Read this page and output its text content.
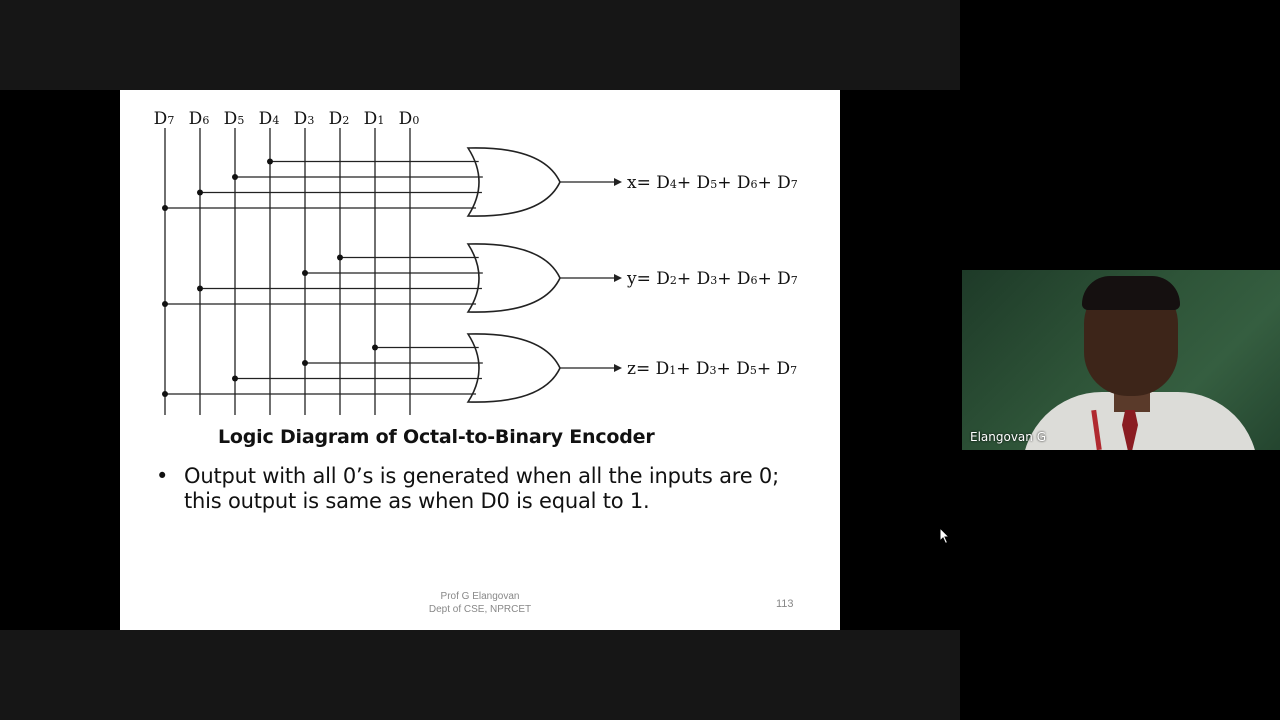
D7 D6 D5 D4 D3 D2 D1 D0
x= D4+ D5+ D6+ D7
y= D2+ D3+ D6+ D7
z= D1+ D3+ D5+ D7
Logic Diagram of Octal-to-Binary Encoder
• Output with all 0’s is generated when all the inputs are 0; this output is same as when D0 is equal to 1.
Prof G Elangovan
Dept of CSE, NPRCET	113
Elangovan G
